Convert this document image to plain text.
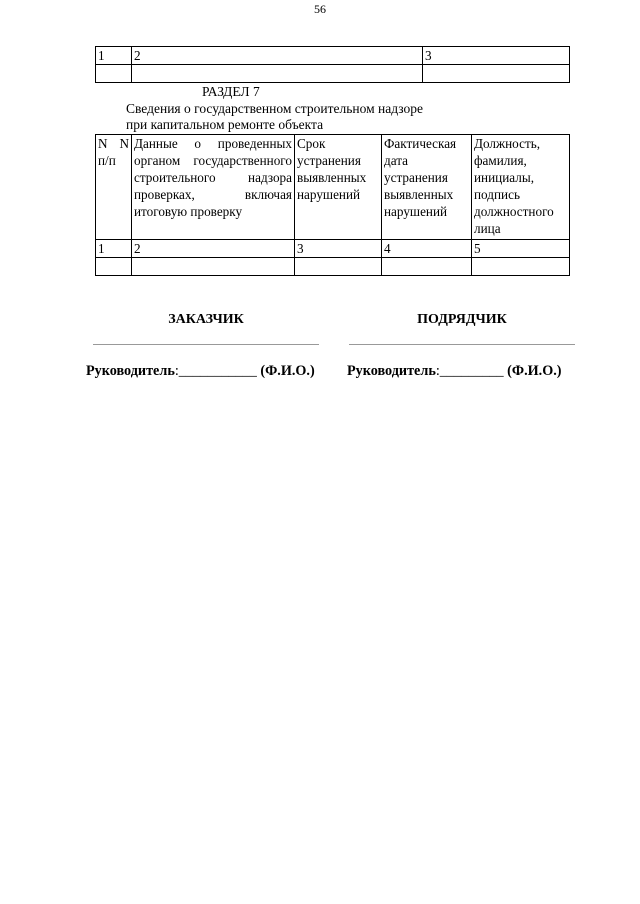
56
1	2	3

РАЗДЕЛ 7
Сведения о государственном строительном надзоре
при капитальном ремонте объекта
N N п/п	Данные о проведенных органом государственного строительного надзора проверках, включая итоговую проверку	Срок устранения выявленных нарушений	Фактическая дата устранения выявленных нарушений	Должность, фамилия, инициалы, подпись должностного лица
1	2	3	4	5

ЗАКАЗЧИК	ПОДРЯДЧИК
Руководитель:___________ (Ф.И.О.) Руководитель:_________ (Ф.И.О.)
